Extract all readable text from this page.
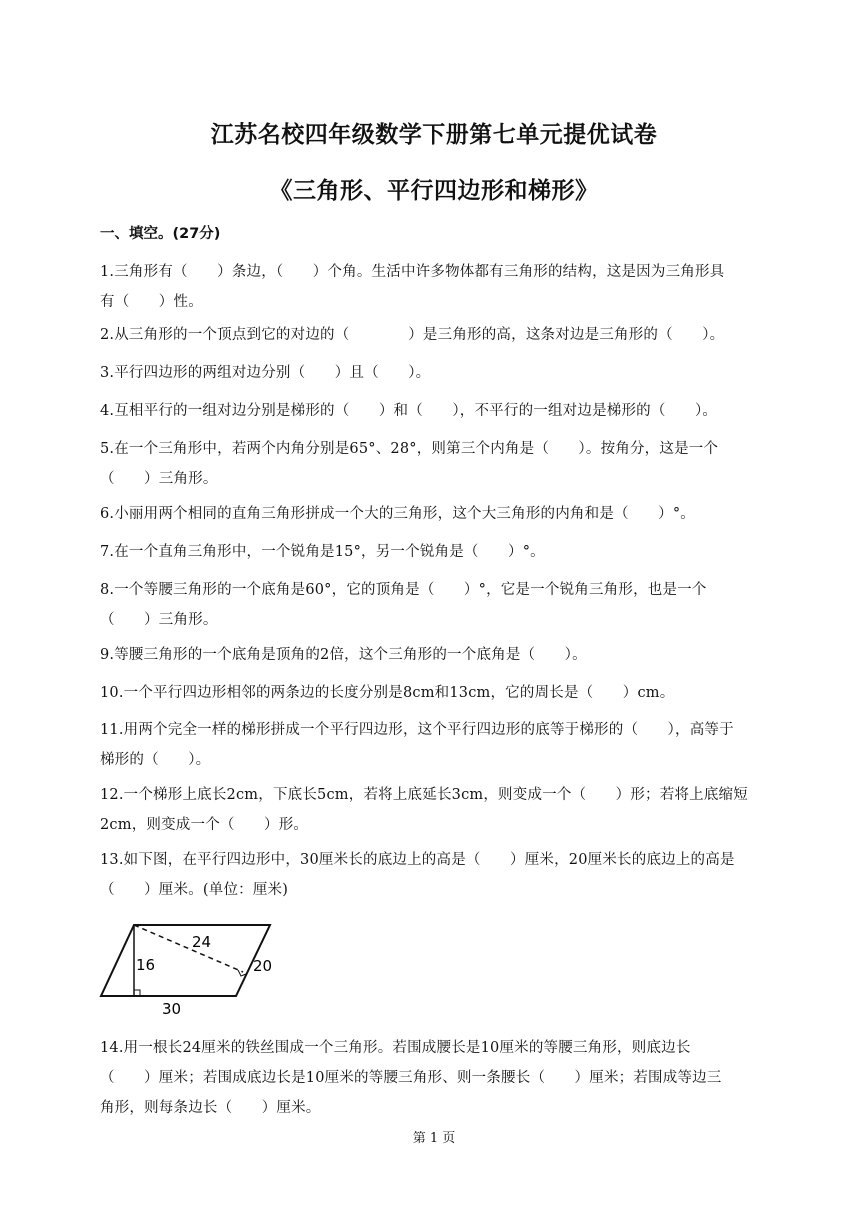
江苏名校四年级数学下册第七单元提优试卷
《三角形、平行四边形和梯形》
一、填空。(27分)
1.三角形有（　　）条边，（　　）个角。生活中许多物体都有三角形的结构，这是因为三角形具
有（　　）性。
2.从三角形的一个顶点到它的对边的（　　　　）是三角形的高，这条对边是三角形的（　　）。
3.平行四边形的两组对边分别（　　）且（　　）。
4.互相平行的一组对边分别是梯形的（　　）和（　　），不平行的一组对边是梯形的（　　）。
5.在一个三角形中，若两个内角分别是65°、28°，则第三个内角是（　　）。按角分，这是一个
（　　）三角形。
6.小丽用两个相同的直角三角形拼成一个大的三角形，这个大三角形的内角和是（　　）°。
7.在一个直角三角形中，一个锐角是15°，另一个锐角是（　　）°。
8.一个等腰三角形的一个底角是60°，它的顶角是（　　）°，它是一个锐角三角形，也是一个
（　　）三角形。
9.等腰三角形的一个底角是顶角的2倍，这个三角形的一个底角是（　　）。
10.一个平行四边形相邻的两条边的长度分别是8cm和13cm，它的周长是（　　）cm。
11.用两个完全一样的梯形拼成一个平行四边形，这个平行四边形的底等于梯形的（　　），高等于
梯形的（　　）。
12.一个梯形上底长2cm，下底长5cm，若将上底延长3cm，则变成一个（　　）形；若将上底缩短
2cm，则变成一个（　　）形。
13.如下图，在平行四边形中，30厘米长的底边上的高是（　　）厘米，20厘米长的底边上的高是
（　　）厘米。(单位：厘米)
24
16	20
30
14.用一根长24厘米的铁丝围成一个三角形。若围成腰长是10厘米的等腰三角形，则底边长
（　　）厘米；若围成底边长是10厘米的等腰三角形、则一条腰长（　　）厘米；若围成等边三
角形，则每条边长（　　）厘米。
第 1 页
